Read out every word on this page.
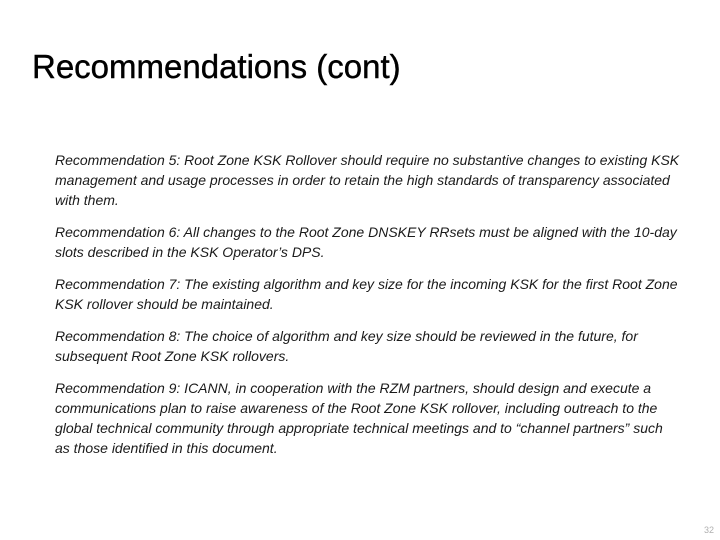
Recommendations (cont)

Recommendation 5: Root Zone KSK Rollover should require no substantive changes to existing KSK management and usage processes in order to retain the high standards of transparency associated with them.

Recommendation 6: All changes to the Root Zone DNSKEY RRsets must be aligned with the 10-day slots described in the KSK Operator’s DPS.

Recommendation 7: The existing algorithm and key size for the incoming KSK for the first Root Zone KSK rollover should be maintained.

Recommendation 8: The choice of algorithm and key size should be reviewed in the future, for subsequent Root Zone KSK rollovers.

Recommendation 9: ICANN, in cooperation with the RZM partners, should design and execute a communications plan to raise awareness of the Root Zone KSK rollover, including outreach to the global technical community through appropriate technical meetings and to “channel partners” such as those identified in this document.

32
